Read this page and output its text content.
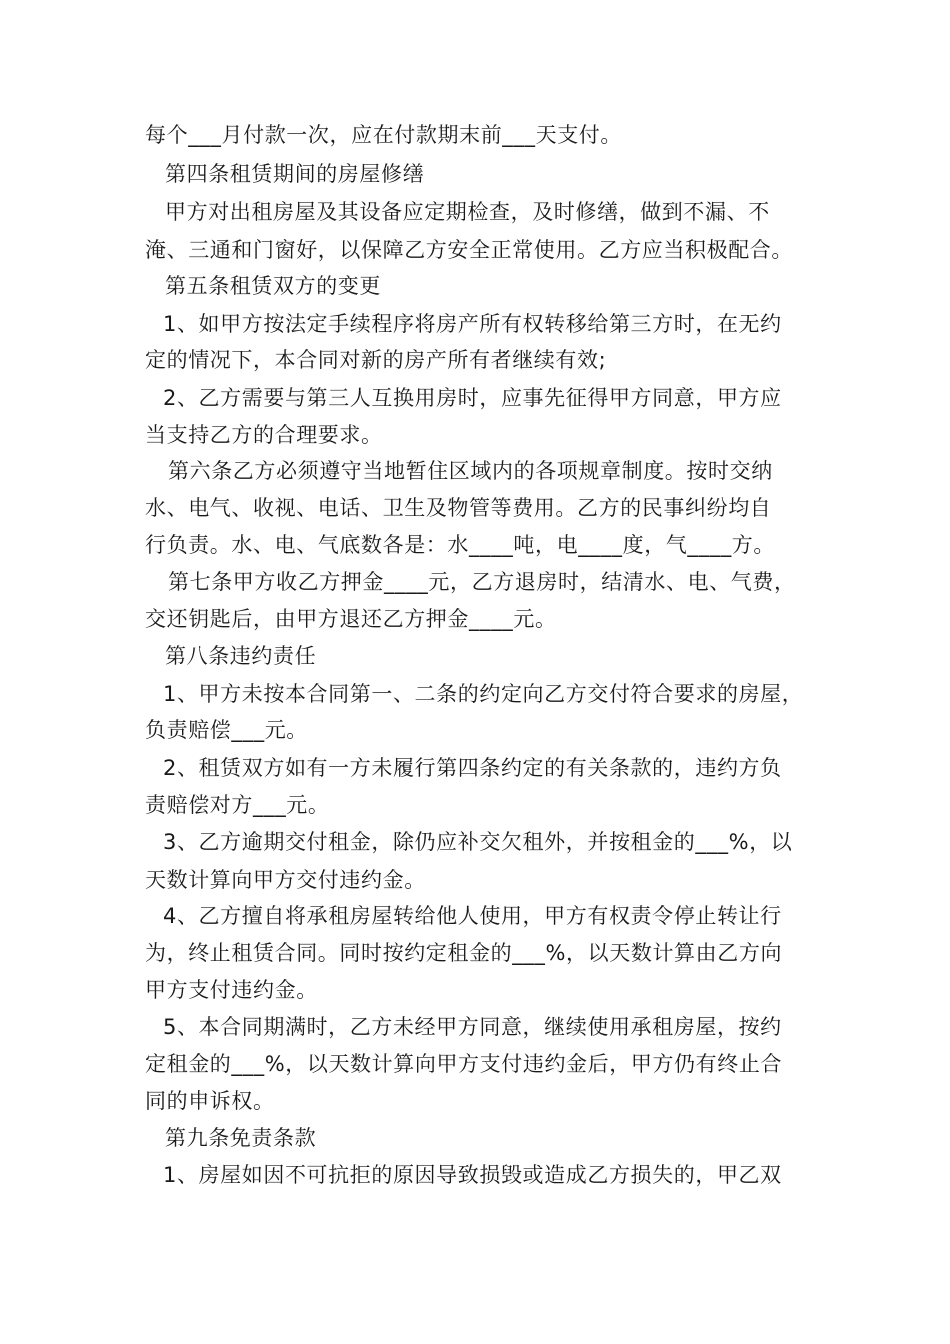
每个___月付款一次，应在付款期末前___天支付。
第四条租赁期间的房屋修缮
甲方对出租房屋及其设备应定期检查，及时修缮，做到不漏、不
淹、三通和门窗好，以保障乙方安全正常使用。乙方应当积极配合。
第五条租赁双方的变更
1、如甲方按法定手续程序将房产所有权转移给第三方时，在无约
定的情况下，本合同对新的房产所有者继续有效;
2、乙方需要与第三人互换用房时，应事先征得甲方同意，甲方应
当支持乙方的合理要求。
第六条乙方必须遵守当地暂住区域内的各项规章制度。按时交纳
水、电气、收视、电话、卫生及物管等费用。乙方的民事纠纷均自
行负责。水、电、气底数各是：水____吨，电____度，气____方。
第七条甲方收乙方押金____元，乙方退房时，结清水、电、气费，
交还钥匙后，由甲方退还乙方押金____元。
第八条违约责任
1、甲方未按本合同第一、二条的约定向乙方交付符合要求的房屋，
负责赔偿___元。
2、租赁双方如有一方未履行第四条约定的有关条款的，违约方负
责赔偿对方___元。
3、乙方逾期交付租金，除仍应补交欠租外，并按租金的___%，以
天数计算向甲方交付违约金。
4、乙方擅自将承租房屋转给他人使用，甲方有权责令停止转让行
为，终止租赁合同。同时按约定租金的___%，以天数计算由乙方向
甲方支付违约金。
5、本合同期满时，乙方未经甲方同意，继续使用承租房屋，按约
定租金的___%，以天数计算向甲方支付违约金后，甲方仍有终止合
同的申诉权。
第九条免责条款
1、房屋如因不可抗拒的原因导致损毁或造成乙方损失的，甲乙双
